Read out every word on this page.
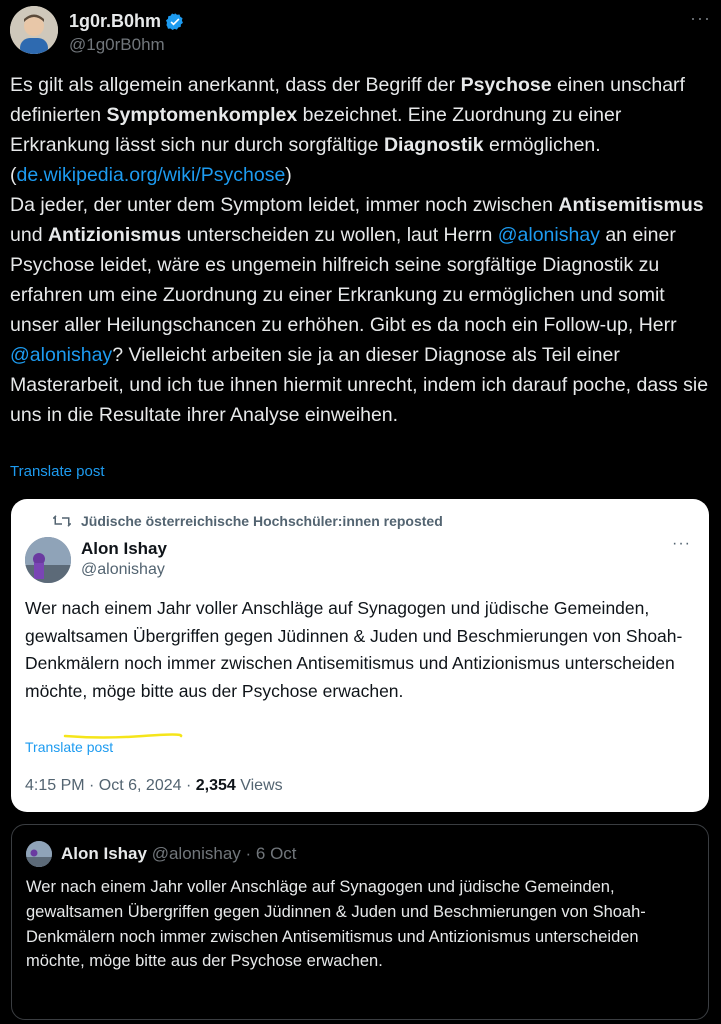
1g0r.B0hm
@1g0rB0hm
···
Es gilt als allgemein anerkannt, dass der Begriff der Psychose einen unscharf definierten Symptomenkomplex bezeichnet. Eine Zuordnung zu einer Erkrankung lässt sich nur durch sorgfältige Diagnostik ermöglichen. (de.wikipedia.org/wiki/Psychose)
Da jeder, der unter dem Symptom leidet, immer noch zwischen Antisemitismus und Antizionismus unterscheiden zu wollen, laut Herrn @alonishay an einer Psychose leidet, wäre es ungemein hilfreich seine sorgfältige Diagnostik zu erfahren um eine Zuordnung zu einer Erkrankung zu ermöglichen und somit unser aller Heilungschancen zu erhöhen. Gibt es da noch ein Follow-up, Herr @alonishay? Vielleicht arbeiten sie ja an dieser Diagnose als Teil einer Masterarbeit, und ich tue ihnen hiermit unrecht, indem ich darauf poche, dass sie uns in die Resultate ihrer Analyse einweihen.
Translate post
Jüdische österreichische Hochschüler:innen reposted
Alon Ishay
@alonishay
···
Wer nach einem Jahr voller Anschläge auf Synagogen und jüdische Gemeinden, gewaltsamen Übergriffen gegen Jüdinnen & Juden und Beschmierungen von Shoah-Denkmälern noch immer zwischen Antisemitismus und Antizionismus unterscheiden möchte, möge bitte aus der Psychose erwachen.
Translate post
4:15 PM · Oct 6, 2024 · 2,354 Views
Alon Ishay @alonishay · 6 Oct
Wer nach einem Jahr voller Anschläge auf Synagogen und jüdische Gemeinden, gewaltsamen Übergriffen gegen Jüdinnen & Juden und Beschmierungen von Shoah-Denkmälern noch immer zwischen Antisemitismus und Antizionismus unterscheiden möchte, möge bitte aus der Psychose erwachen.
